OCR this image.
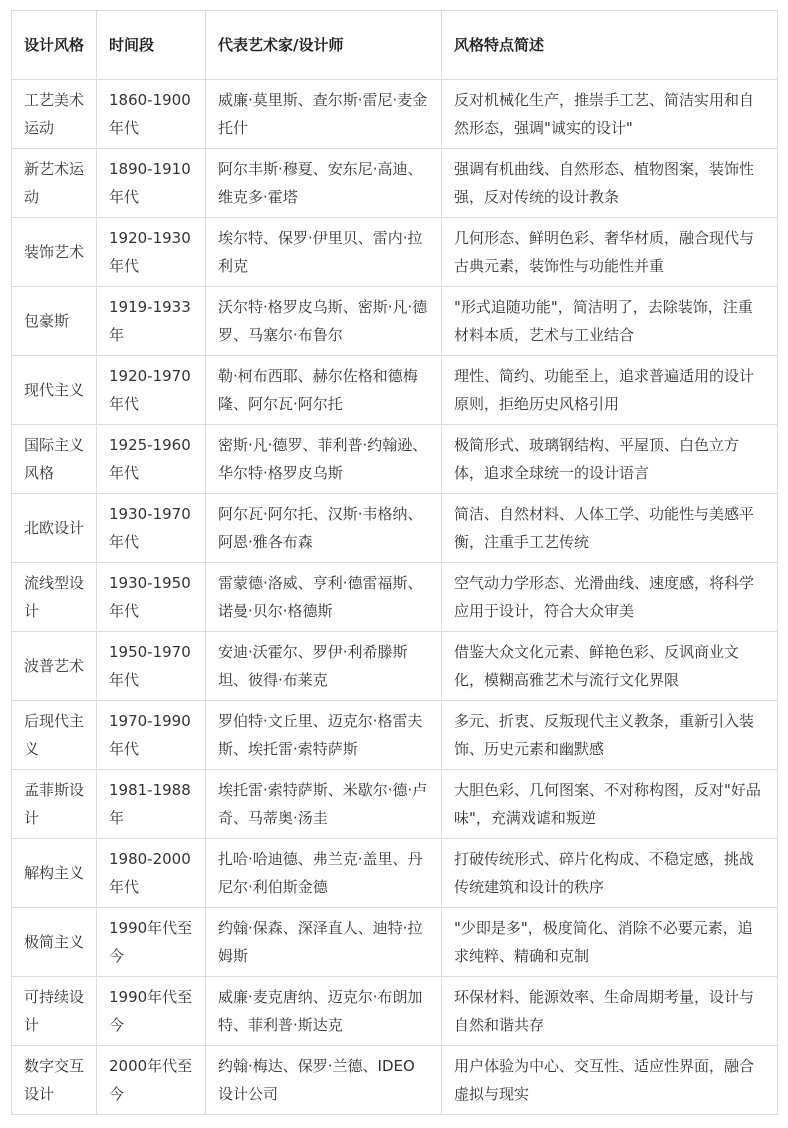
设计风格	时间段	代表艺术家/设计师	风格特点简述
工艺美术运动	1860-1900年代	威廉·莫里斯、查尔斯·雷尼·麦金托什	反对机械化生产，推崇手工艺、简洁实用和自然形态，强调"诚实的设计"
新艺术运动	1890-1910年代	阿尔丰斯·穆夏、安东尼·高迪、维克多·霍塔	强调有机曲线、自然形态、植物图案，装饰性强，反对传统的设计教条
装饰艺术	1920-1930年代	埃尔特、保罗·伊里贝、雷内·拉利克	几何形态、鲜明色彩、奢华材质，融合现代与古典元素，装饰性与功能性并重
包豪斯	1919-1933年	沃尔特·格罗皮乌斯、密斯·凡·德罗、马塞尔·布鲁尔	"形式追随功能"，简洁明了，去除装饰，注重材料本质，艺术与工业结合
现代主义	1920-1970年代	勒·柯布西耶、赫尔佐格和德梅隆、阿尔瓦·阿尔托	理性、简约、功能至上，追求普遍适用的设计原则，拒绝历史风格引用
国际主义风格	1925-1960年代	密斯·凡·德罗、菲利普·约翰逊、华尔特·格罗皮乌斯	极简形式、玻璃钢结构、平屋顶、白色立方体，追求全球统一的设计语言
北欧设计	1930-1970年代	阿尔瓦·阿尔托、汉斯·韦格纳、阿恩·雅各布森	简洁、自然材料、人体工学、功能性与美感平衡，注重手工艺传统
流线型设计	1930-1950年代	雷蒙德·洛威、亨利·德雷福斯、诺曼·贝尔·格德斯	空气动力学形态、光滑曲线、速度感，将科学应用于设计，符合大众审美
波普艺术	1950-1970年代	安迪·沃霍尔、罗伊·利希滕斯坦、彼得·布莱克	借鉴大众文化元素、鲜艳色彩、反讽商业文化，模糊高雅艺术与流行文化界限
后现代主义	1970-1990年代	罗伯特·文丘里、迈克尔·格雷夫斯、埃托雷·索特萨斯	多元、折衷、反叛现代主义教条，重新引入装饰、历史元素和幽默感
孟菲斯设计	1981-1988年	埃托雷·索特萨斯、米歇尔·德·卢奇、马蒂奥·汤圭	大胆色彩、几何图案、不对称构图，反对"好品味"，充满戏谑和叛逆
解构主义	1980-2000年代	扎哈·哈迪德、弗兰克·盖里、丹尼尔·利伯斯金德	打破传统形式、碎片化构成、不稳定感，挑战传统建筑和设计的秩序
极简主义	1990年代至今	约翰·保森、深泽直人、迪特·拉姆斯	"少即是多"，极度简化、消除不必要元素，追求纯粹、精确和克制
可持续设计	1990年代至今	威廉·麦克唐纳、迈克尔·布朗加特、菲利普·斯达克	环保材料、能源效率、生命周期考量，设计与自然和谐共存
数字交互设计	2000年代至今	约翰·梅达、保罗·兰德、IDEO设计公司	用户体验为中心、交互性、适应性界面，融合虚拟与现实
